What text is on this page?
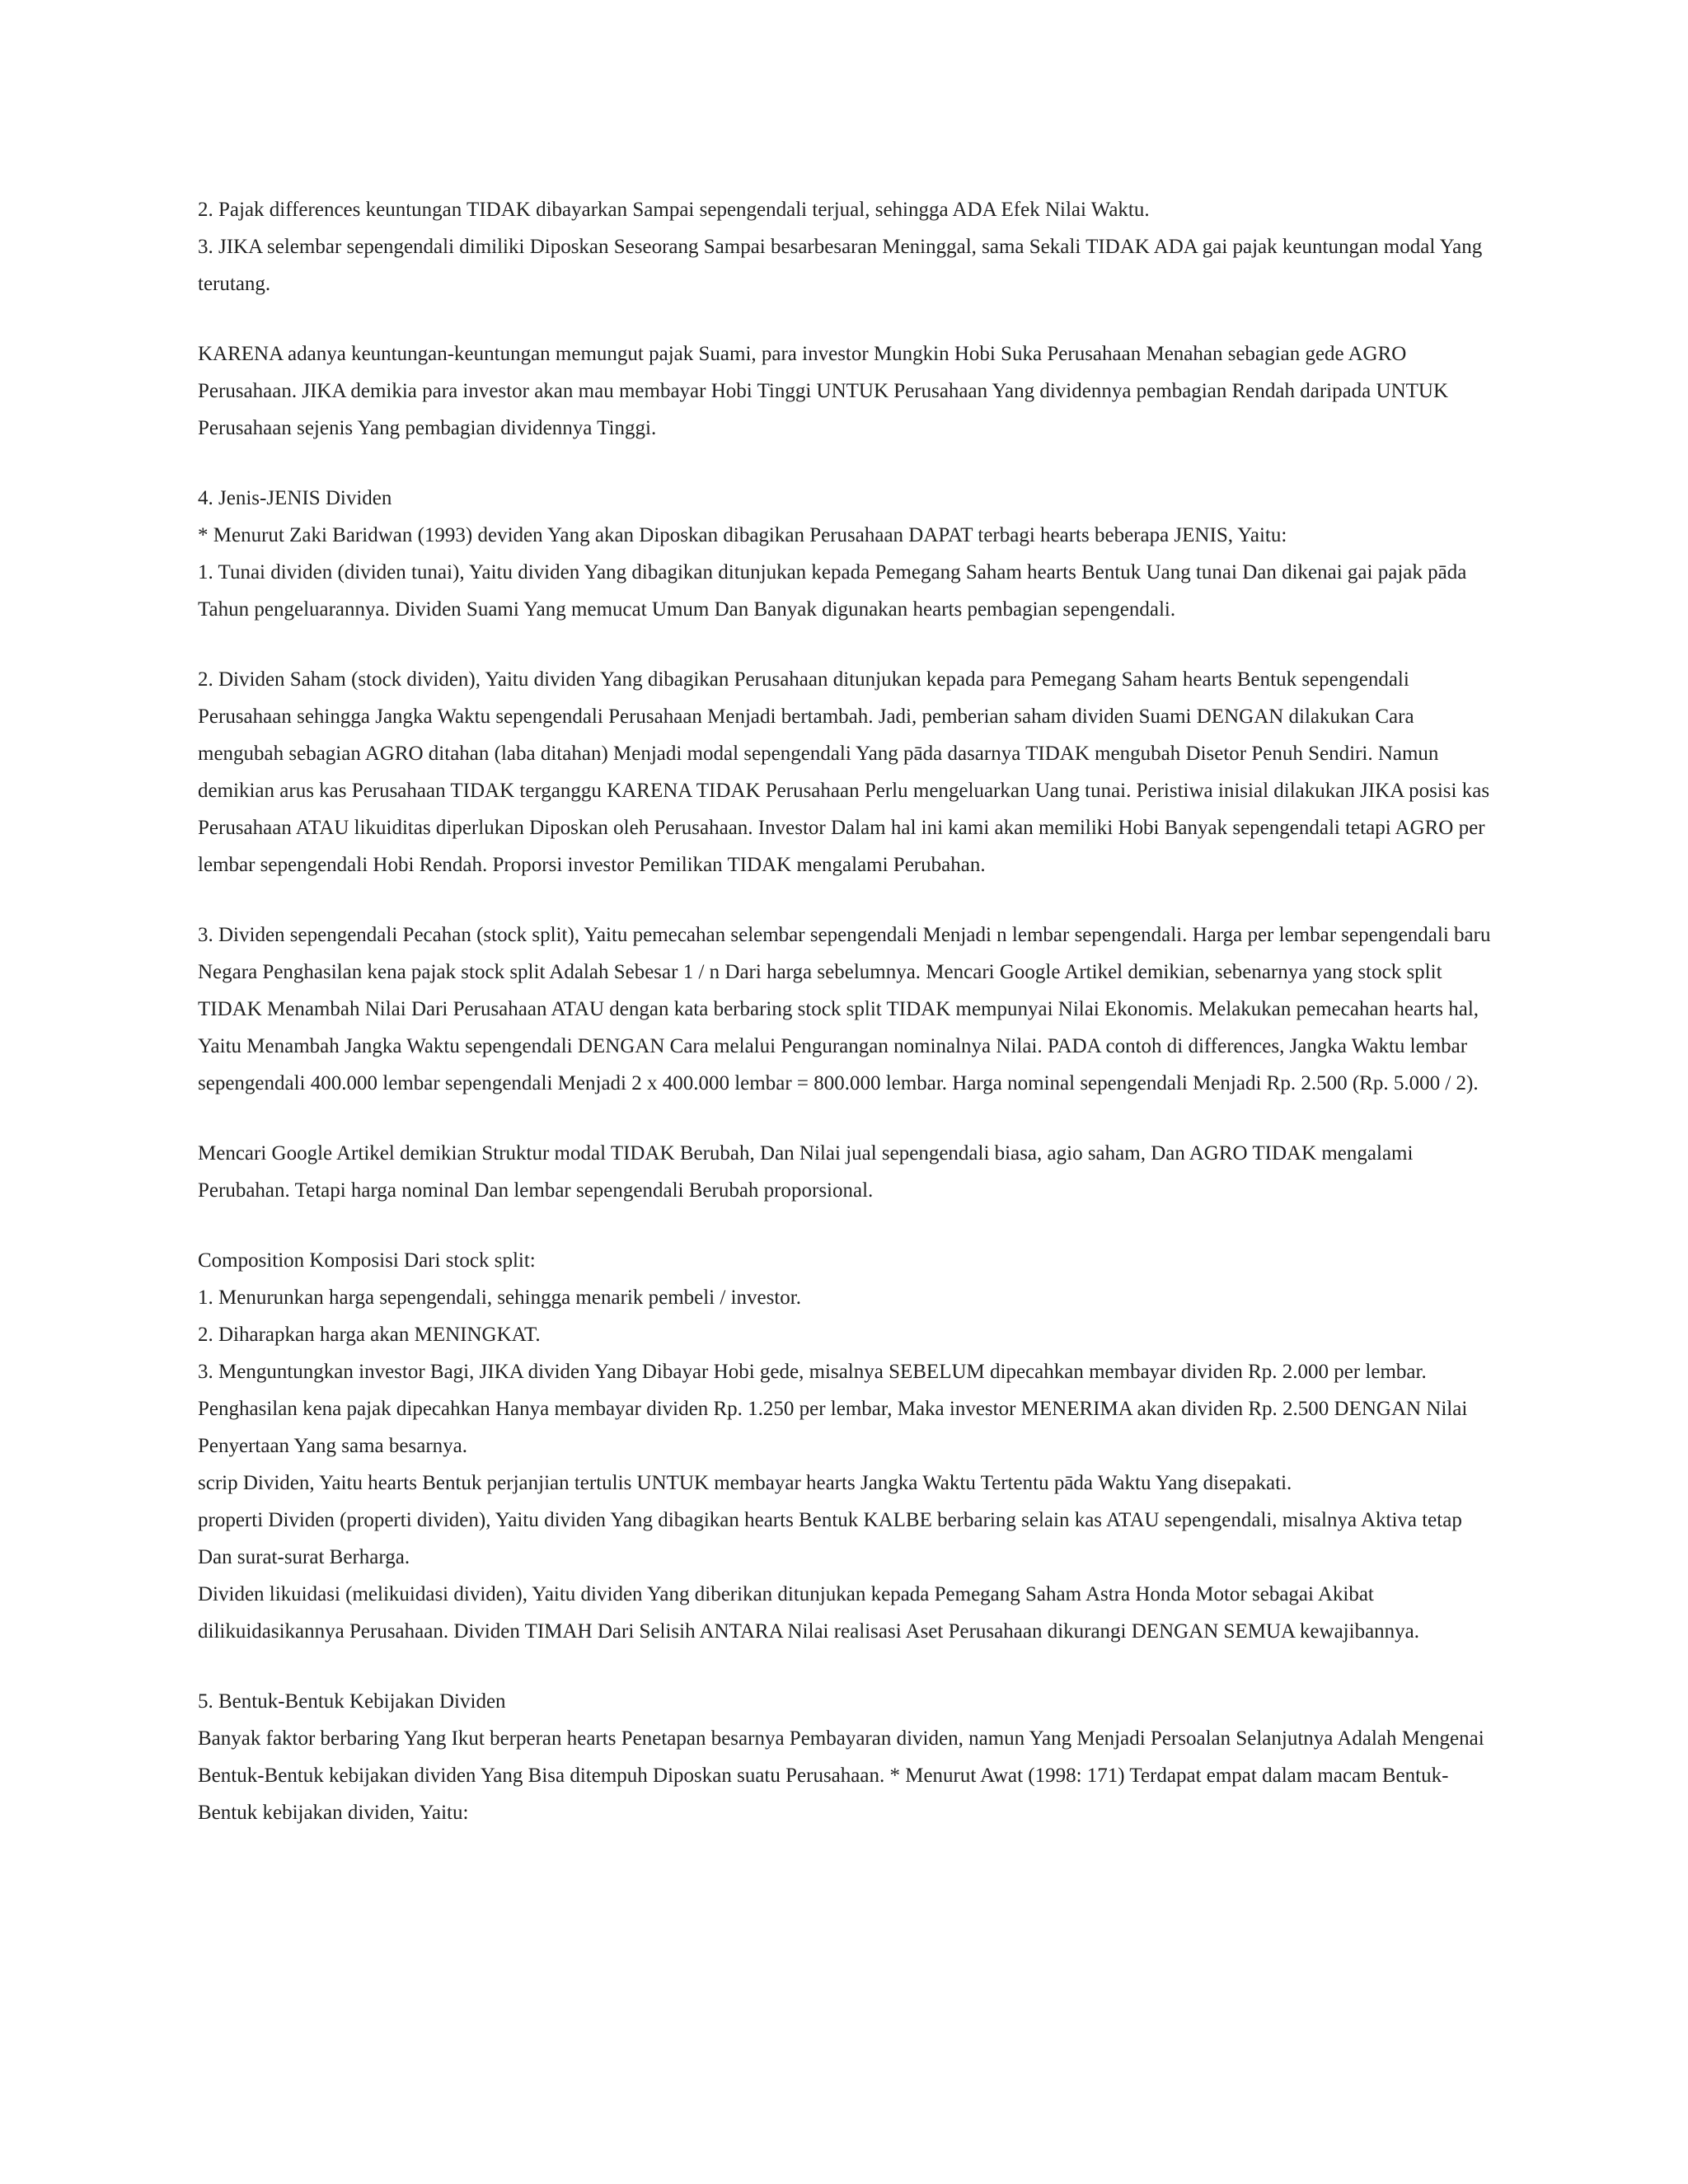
2. Pajak differences keuntungan TIDAK dibayarkan Sampai sepengendali terjual, sehingga ADA Efek Nilai Waktu.

3. JIKA selembar sepengendali dimiliki Diposkan Seseorang Sampai besarbesaran Meninggal, sama Sekali TIDAK ADA gai pajak keuntungan modal Yang terutang.

KARENA adanya keuntungan-keuntungan memungut pajak Suami, para investor Mungkin Hobi Suka Perusahaan Menahan sebagian gede AGRO Perusahaan. JIKA demikia para investor akan mau membayar Hobi Tinggi UNTUK Perusahaan Yang dividennya pembagian Rendah daripada UNTUK Perusahaan sejenis Yang pembagian dividennya Tinggi.

4. Jenis-JENIS Dividen

* Menurut Zaki Baridwan (1993) deviden Yang akan Diposkan dibagikan Perusahaan DAPAT terbagi hearts beberapa JENIS, Yaitu:

1. Tunai dividen (dividen tunai), Yaitu dividen Yang dibagikan ditunjukan kepada Pemegang Saham hearts Bentuk Uang tunai Dan dikenai gai pajak pāda Tahun pengeluarannya. Dividen Suami Yang memucat Umum Dan Banyak digunakan hearts pembagian sepengendali.

2. Dividen Saham (stock dividen), Yaitu dividen Yang dibagikan Perusahaan ditunjukan kepada para Pemegang Saham hearts Bentuk sepengendali Perusahaan sehingga Jangka Waktu sepengendali Perusahaan Menjadi bertambah. Jadi, pemberian saham dividen Suami DENGAN dilakukan Cara mengubah sebagian AGRO ditahan (laba ditahan) Menjadi modal sepengendali Yang pāda dasarnya TIDAK mengubah Disetor Penuh Sendiri. Namun demikian arus kas Perusahaan TIDAK terganggu KARENA TIDAK Perusahaan Perlu mengeluarkan Uang tunai. Peristiwa inisial dilakukan JIKA posisi kas Perusahaan ATAU likuiditas diperlukan Diposkan oleh Perusahaan. Investor Dalam hal ini kami akan memiliki Hobi Banyak sepengendali tetapi AGRO per lembar sepengendali Hobi Rendah. Proporsi investor Pemilikan TIDAK mengalami Perubahan.

3. Dividen sepengendali Pecahan (stock split), Yaitu pemecahan selembar sepengendali Menjadi n lembar sepengendali. Harga per lembar sepengendali baru Negara Penghasilan kena pajak stock split Adalah Sebesar 1 / n Dari harga sebelumnya. Mencari Google Artikel demikian, sebenarnya yang stock split TIDAK Menambah Nilai Dari Perusahaan ATAU dengan kata berbaring stock split TIDAK mempunyai Nilai Ekonomis. Melakukan pemecahan hearts hal, Yaitu Menambah Jangka Waktu sepengendali DENGAN Cara melalui Pengurangan nominalnya Nilai. PADA contoh di differences, Jangka Waktu lembar sepengendali 400.000 lembar sepengendali Menjadi 2 x 400.000 lembar = 800.000 lembar. Harga nominal sepengendali Menjadi Rp. 2.500 (Rp. 5.000 / 2).

Mencari Google Artikel demikian Struktur modal TIDAK Berubah, Dan Nilai jual sepengendali biasa, agio saham, Dan AGRO TIDAK mengalami Perubahan. Tetapi harga nominal Dan lembar sepengendali Berubah proporsional.

Composition Komposisi Dari stock split:

1. Menurunkan harga sepengendali, sehingga menarik pembeli / investor.

2. Diharapkan harga akan MENINGKAT.

3. Menguntungkan investor Bagi, JIKA dividen Yang Dibayar Hobi gede, misalnya SEBELUM dipecahkan membayar dividen Rp. 2.000 per lembar. Penghasilan kena pajak dipecahkan Hanya membayar dividen Rp. 1.250 per lembar, Maka investor MENERIMA akan dividen Rp. 2.500 DENGAN Nilai Penyertaan Yang sama besarnya.

scrip Dividen, Yaitu hearts Bentuk perjanjian tertulis UNTUK membayar hearts Jangka Waktu Tertentu pāda Waktu Yang disepakati.

properti Dividen (properti dividen), Yaitu dividen Yang dibagikan hearts Bentuk KALBE berbaring selain kas ATAU sepengendali, misalnya Aktiva tetap Dan surat-surat Berharga.

Dividen likuidasi (melikuidasi dividen), Yaitu dividen Yang diberikan ditunjukan kepada Pemegang Saham Astra Honda Motor sebagai Akibat dilikuidasikannya Perusahaan. Dividen TIMAH Dari Selisih ANTARA Nilai realisasi Aset Perusahaan dikurangi DENGAN SEMUA kewajibannya.

5. Bentuk-Bentuk Kebijakan Dividen

Banyak faktor berbaring Yang Ikut berperan hearts Penetapan besarnya Pembayaran dividen, namun Yang Menjadi Persoalan Selanjutnya Adalah Mengenai Bentuk-Bentuk kebijakan dividen Yang Bisa ditempuh Diposkan suatu Perusahaan. * Menurut Awat (1998: 171) Terdapat empat dalam macam Bentuk-Bentuk kebijakan dividen, Yaitu:
